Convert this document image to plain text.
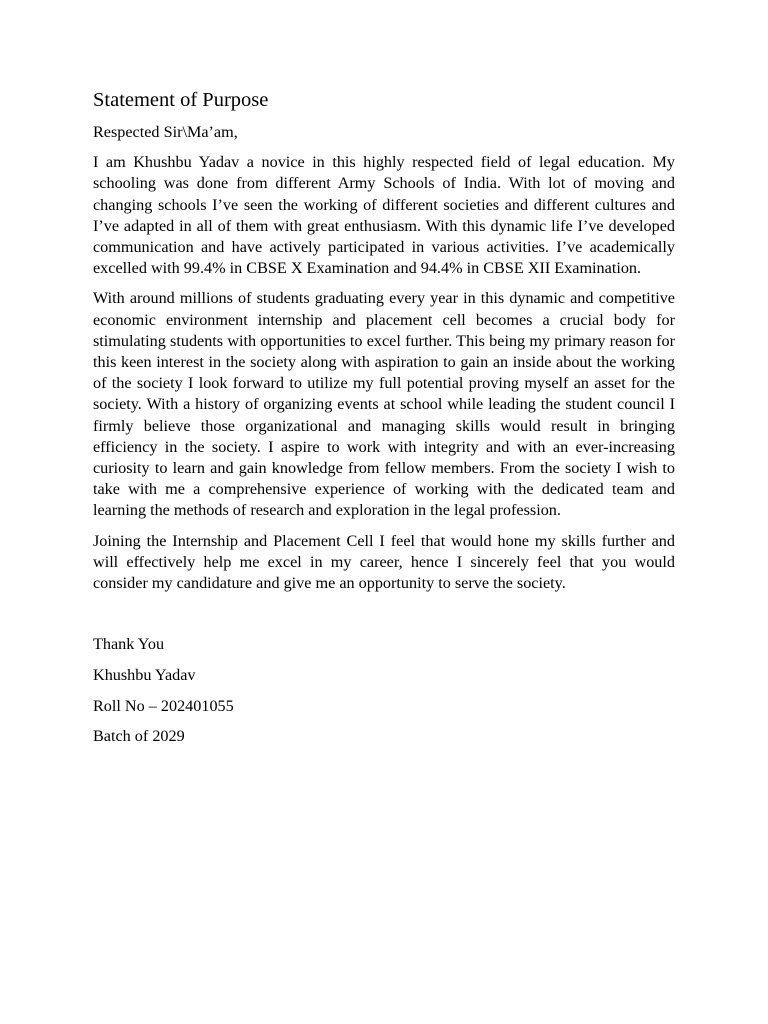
Statement of Purpose

Respected Sir\Ma’am,

I am Khushbu Yadav a novice in this highly respected field of legal education. My schooling was done from different Army Schools of India. With lot of moving and changing schools I’ve seen the working of different societies and different cultures and I’ve adapted in all of them with great enthusiasm. With this dynamic life I’ve developed communication and have actively participated in various activities. I’ve academically excelled with 99.4% in CBSE X Examination and 94.4% in CBSE XII Examination.

With around millions of students graduating every year in this dynamic and competitive economic environment internship and placement cell becomes a crucial body for stimulating students with opportunities to excel further. This being my primary reason for this keen interest in the society along with aspiration to gain an inside about the working of the society I look forward to utilize my full potential proving myself an asset for the society. With a history of organizing events at school while leading the student council I firmly believe those organizational and managing skills would result in bringing efficiency in the society. I aspire to work with integrity and with an ever-increasing curiosity to learn and gain knowledge from fellow members. From the society I wish to take with me a comprehensive experience of working with the dedicated team and learning the methods of research and exploration in the legal profession.

Joining the Internship and Placement Cell I feel that would hone my skills further and will effectively help me excel in my career, hence I sincerely feel that you would consider my candidature and give me an opportunity to serve the society.

Thank You

Khushbu Yadav

Roll No – 202401055

Batch of 2029
